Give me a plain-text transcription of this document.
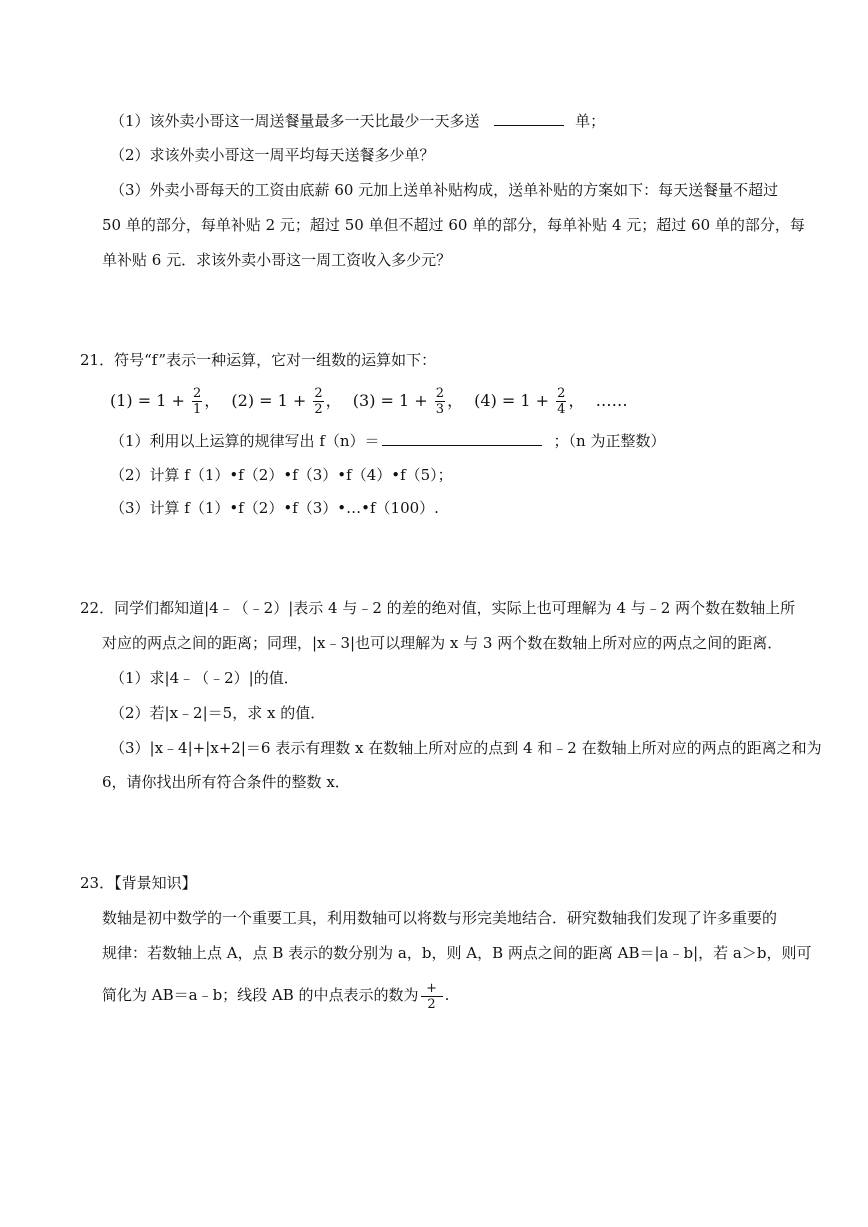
（1）该外卖小哥这一周送餐量最多一天比最少一天多送	单；
（2）求该外卖小哥这一周平均每天送餐多少单？
（3）外卖小哥每天的工资由底薪 60 元加上送单补贴构成，送单补贴的方案如下：每天送餐量不超过
50 单的部分，每单补贴 2 元；超过 50 单但不超过 60 单的部分，每单补贴 4 元；超过 60 单的部分，每
单补贴 6 元．求该外卖小哥这一周工资收入多少元？
21．符号“f”表示一种运算，它对一组数的运算如下：
$(1) = 1 + \frac{2}{1}$ ， $(2) = 1 + \frac{2}{2}$ ， $(3) = 1 + \frac{2}{3}$ ， $(4) = 1 + \frac{2}{4}$ ， ……
（1）利用以上运算的规律写出 f（n）＝	；（n 为正整数）
（2）计算 f（1）•f（2）•f（3）•f（4）•f（5）；
（3）计算 f（1）•f（2）•f（3）•…•f（100）.
22．同学们都知道|4﹣（﹣2）|表示 4 与﹣2 的差的绝对值，实际上也可理解为 4 与﹣2 两个数在数轴上所
对应的两点之间的距离；同理，|x﹣3|也可以理解为 x 与 3 两个数在数轴上所对应的两点之间的距离．
（1）求|4﹣（﹣2）|的值．
（2）若|x﹣2|＝5，求 x 的值．
（3）|x﹣4|+|x+2|＝6 表示有理数 x 在数轴上所对应的点到 4 和﹣2 在数轴上所对应的两点的距离之和为
6，请你找出所有符合条件的整数 x．
23．【背景知识】
数轴是初中数学的一个重要工具，利用数轴可以将数与形完美地结合．研究数轴我们发现了许多重要的
规律：若数轴上点 A，点 B 表示的数分别为 a，b，则 A，B 两点之间的距离 AB＝|a﹣b|，若 a＞b，则可
简化为 AB＝a﹣b；线段 AB 的中点表示的数为 $\frac{+}{2}$ .
